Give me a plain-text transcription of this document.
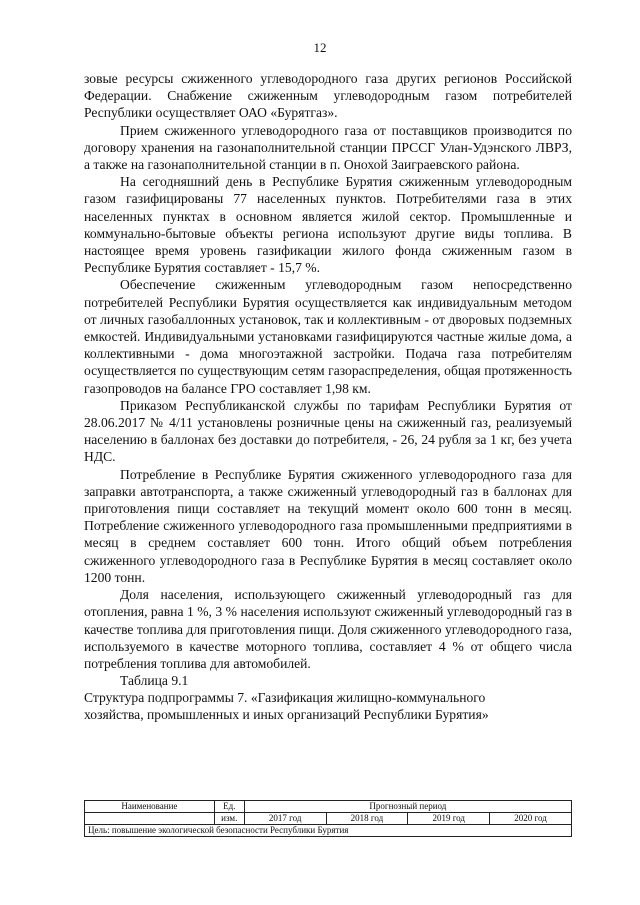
12

зовые ресурсы сжиженного углеводородного газа других регионов Российской Федерации. Снабжение сжиженным углеводородным газом потребителей Республики осуществляет ОАО «Бурятгаз».

Прием сжиженного углеводородного газа от поставщиков производится по договору хранения на газонаполнительной станции ПРССГ Улан-Удэнского ЛВРЗ, а также на газонаполнительной станции в п. Онохой Заиграевского района.

На сегодняшний день в Республике Бурятия сжиженным углеводородным газом газифицированы 77 населенных пунктов. Потребителями газа в этих населенных пунктах в основном является жилой сектор. Промышленные и коммунально-бытовые объекты региона используют другие виды топлива. В настоящее время уровень газификации жилого фонда сжиженным газом в Республике Бурятия составляет - 15,7 %.

Обеспечение сжиженным углеводородным газом непосредственно потребителей Республики Бурятия осуществляется как индивидуальным методом от личных газобаллонных установок, так и коллективным - от дворовых подземных емкостей. Индивидуальными установками газифицируются частные жилые дома, а коллективными - дома многоэтажной застройки. Подача газа потребителям осуществляется по существующим сетям газораспределения, общая протяженность газопроводов на балансе ГРО составляет 1,98 км.

Приказом Республиканской службы по тарифам Республики Бурятия от 28.06.2017 № 4/11 установлены розничные цены на сжиженный газ, реализуемый населению в баллонах без доставки до потребителя, - 26, 24 рубля за 1 кг, без учета НДС.

Потребление в Республике Бурятия сжиженного углеводородного газа для заправки автотранспорта, а также сжиженный углеводородный газ в баллонах для приготовления пищи составляет на текущий момент около 600 тонн в месяц. Потребление сжиженного углеводородного газа промышленными предприятиями в месяц в среднем составляет 600 тонн. Итого общий объем потребления сжиженного углеводородного газа в Республике Бурятия в месяц составляет около 1200 тонн.

Доля населения, использующего сжиженный углеводородный газ для отопления, равна 1 %, 3 % населения используют сжиженный углеводородный газ в качестве топлива для приготовления пищи. Доля сжиженного углеводородного газа, используемого в качестве моторного топлива, составляет 4 % от общего числа потребления топлива для автомобилей.

Таблица 9.1

Структура подпрограммы 7. «Газификация жилищно-коммунального
хозяйства, промышленных и иных организаций Республики Бурятия»

Наименование	Ед.	Прогнозный период			
	изм.	2017 год	2018 год	2019 год	2020 год
Цель: повышение экологической безопасности Республики Бурятия					
